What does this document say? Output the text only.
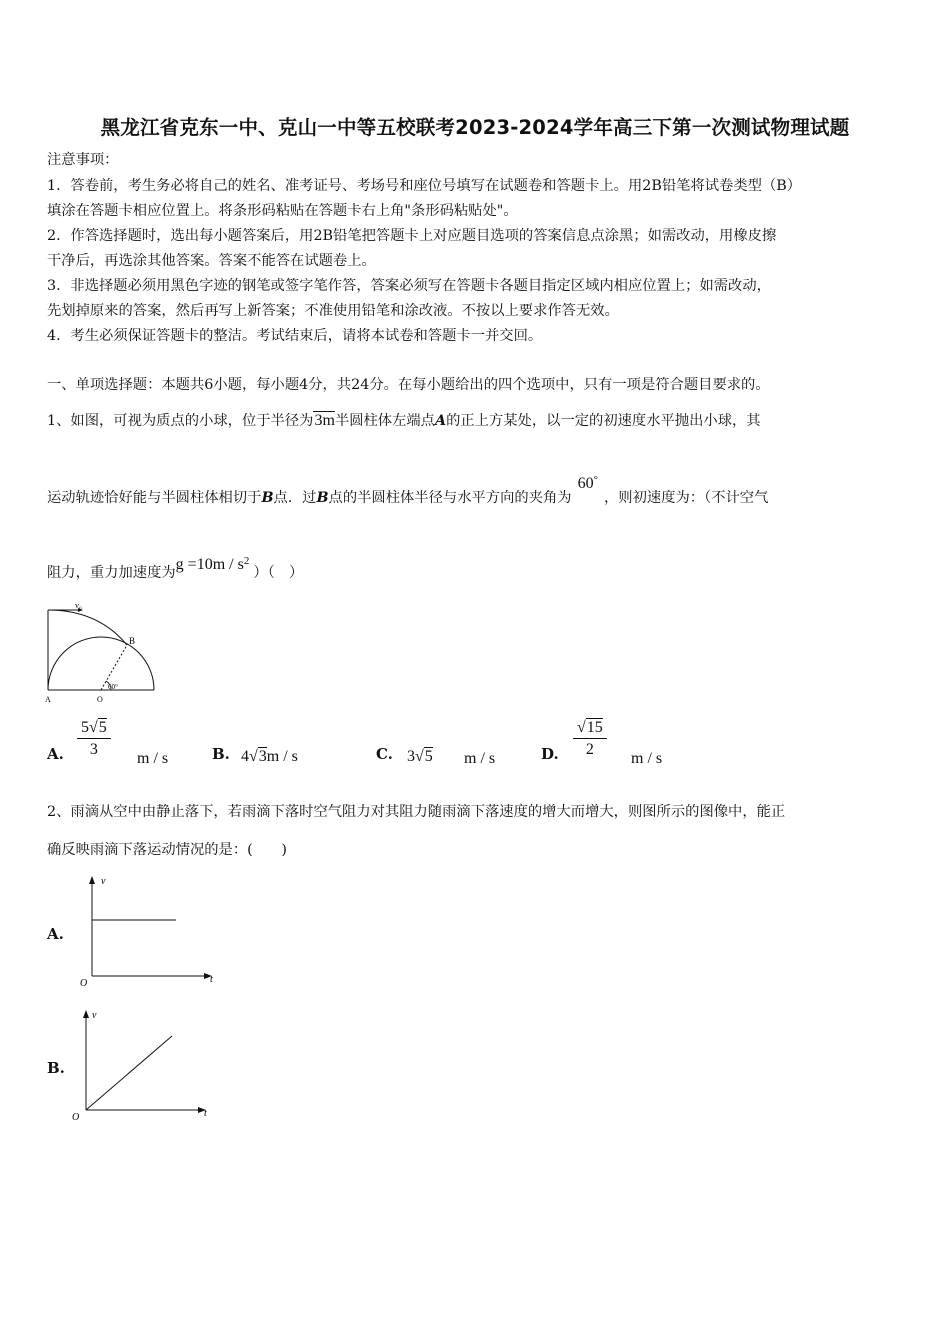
黑龙江省克东一中、克山一中等五校联考2023-2024学年高三下第一次测试物理试题
注意事项：
1．答卷前，考生务必将自己的姓名、准考证号、考场号和座位号填写在试题卷和答题卡上。用2B铅笔将试卷类型（B）
填涂在答题卡相应位置上。将条形码粘贴在答题卡右上角"条形码粘贴处"。
2．作答选择题时，选出每小题答案后，用2B铅笔把答题卡上对应题目选项的答案信息点涂黑；如需改动，用橡皮擦
干净后，再选涂其他答案。答案不能答在试题卷上。
3．非选择题必须用黑色字迹的钢笔或签字笔作答，答案必须写在答题卡各题目指定区域内相应位置上；如需改动，
先划掉原来的答案，然后再写上新答案；不准使用铅笔和涂改液。不按以上要求作答无效。
4．考生必须保证答题卡的整洁。考试结束后，请将本试卷和答题卡一并交回。
一、单项选择题：本题共6小题，每小题4分，共24分。在每小题给出的四个选项中，只有一项是符合题目要求的。
1、如图，可视为质点的小球，位于半径为3m半圆柱体左端点A的正上方某处，以一定的初速度水平抛出小球，其
运动轨迹恰好能与半圆柱体相切于B点．过B点的半圆柱体半径与水平方向的夹角为60°，则初速度为：（不计空气
阻力，重力加速度为$g =10m / s^2$）（　）
v₀
B
A	O
60°
A. $\frac{5√5}{3}$ m / s	B. 4√3m / s	C. 3√5 m / s	D. $\frac{√15}{2}$ m / s
2、雨滴从空中由静止落下，若雨滴下落时空气阻力对其阻力随雨滴下落速度的增大而增大，则图所示的图像中，能正
确反映雨滴下落运动情况的是：(　　)
A.
v
t
O
B.
v
t
O
